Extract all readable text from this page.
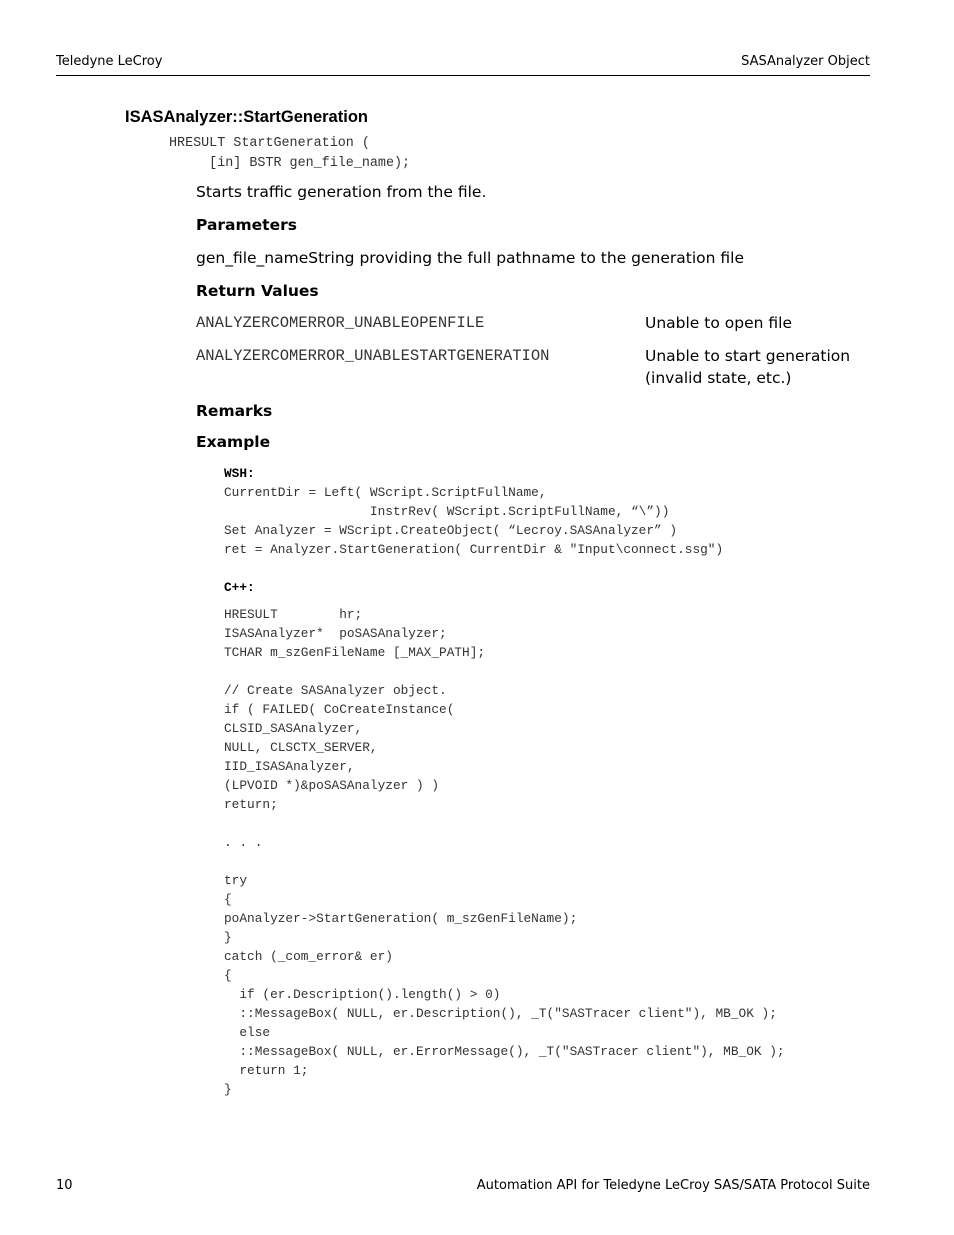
Teledyne LeCroy	SASAnalyzer Object
ISASAnalyzer::StartGeneration
HRESULT StartGeneration (
[in] BSTR gen_file_name);
Starts traffic generation from the file.
Parameters
gen_file_nameString providing the full pathname to the generation file
Return Values
ANALYZERCOMERROR_UNABLEOPENFILE	Unable to open file
ANALYZERCOMERROR_UNABLESTARTGENERATION	Unable to start generation (invalid state, etc.)
Remarks
Example
WSH:
CurrentDir = Left( WScript.ScriptFullName,
InstrRev( WScript.ScriptFullName, “\”))
Set Analyzer = WScript.CreateObject( “Lecroy.SASAnalyzer” )
ret = Analyzer.StartGeneration( CurrentDir & "Input\connect.ssg")
C++:
HRESULT        hr;
ISASAnalyzer*  poSASAnalyzer;
TCHAR m_szGenFileName [_MAX_PATH];
// Create SASAnalyzer object.
if ( FAILED( CoCreateInstance(
CLSID_SASAnalyzer,
NULL, CLSCTX_SERVER,
IID_ISASAnalyzer,
(LPVOID *)&poSASAnalyzer ) )
return;
. . .
try
{
poAnalyzer->StartGeneration( m_szGenFileName);
}
catch (_com_error& er)
{
if (er.Description().length() > 0)
::MessageBox( NULL, er.Description(), _T("SASTracer client"), MB_OK );
else
::MessageBox( NULL, er.ErrorMessage(), _T("SASTracer client"), MB_OK );
return 1;
}
10	Automation API for Teledyne LeCroy SAS/SATA Protocol Suite
